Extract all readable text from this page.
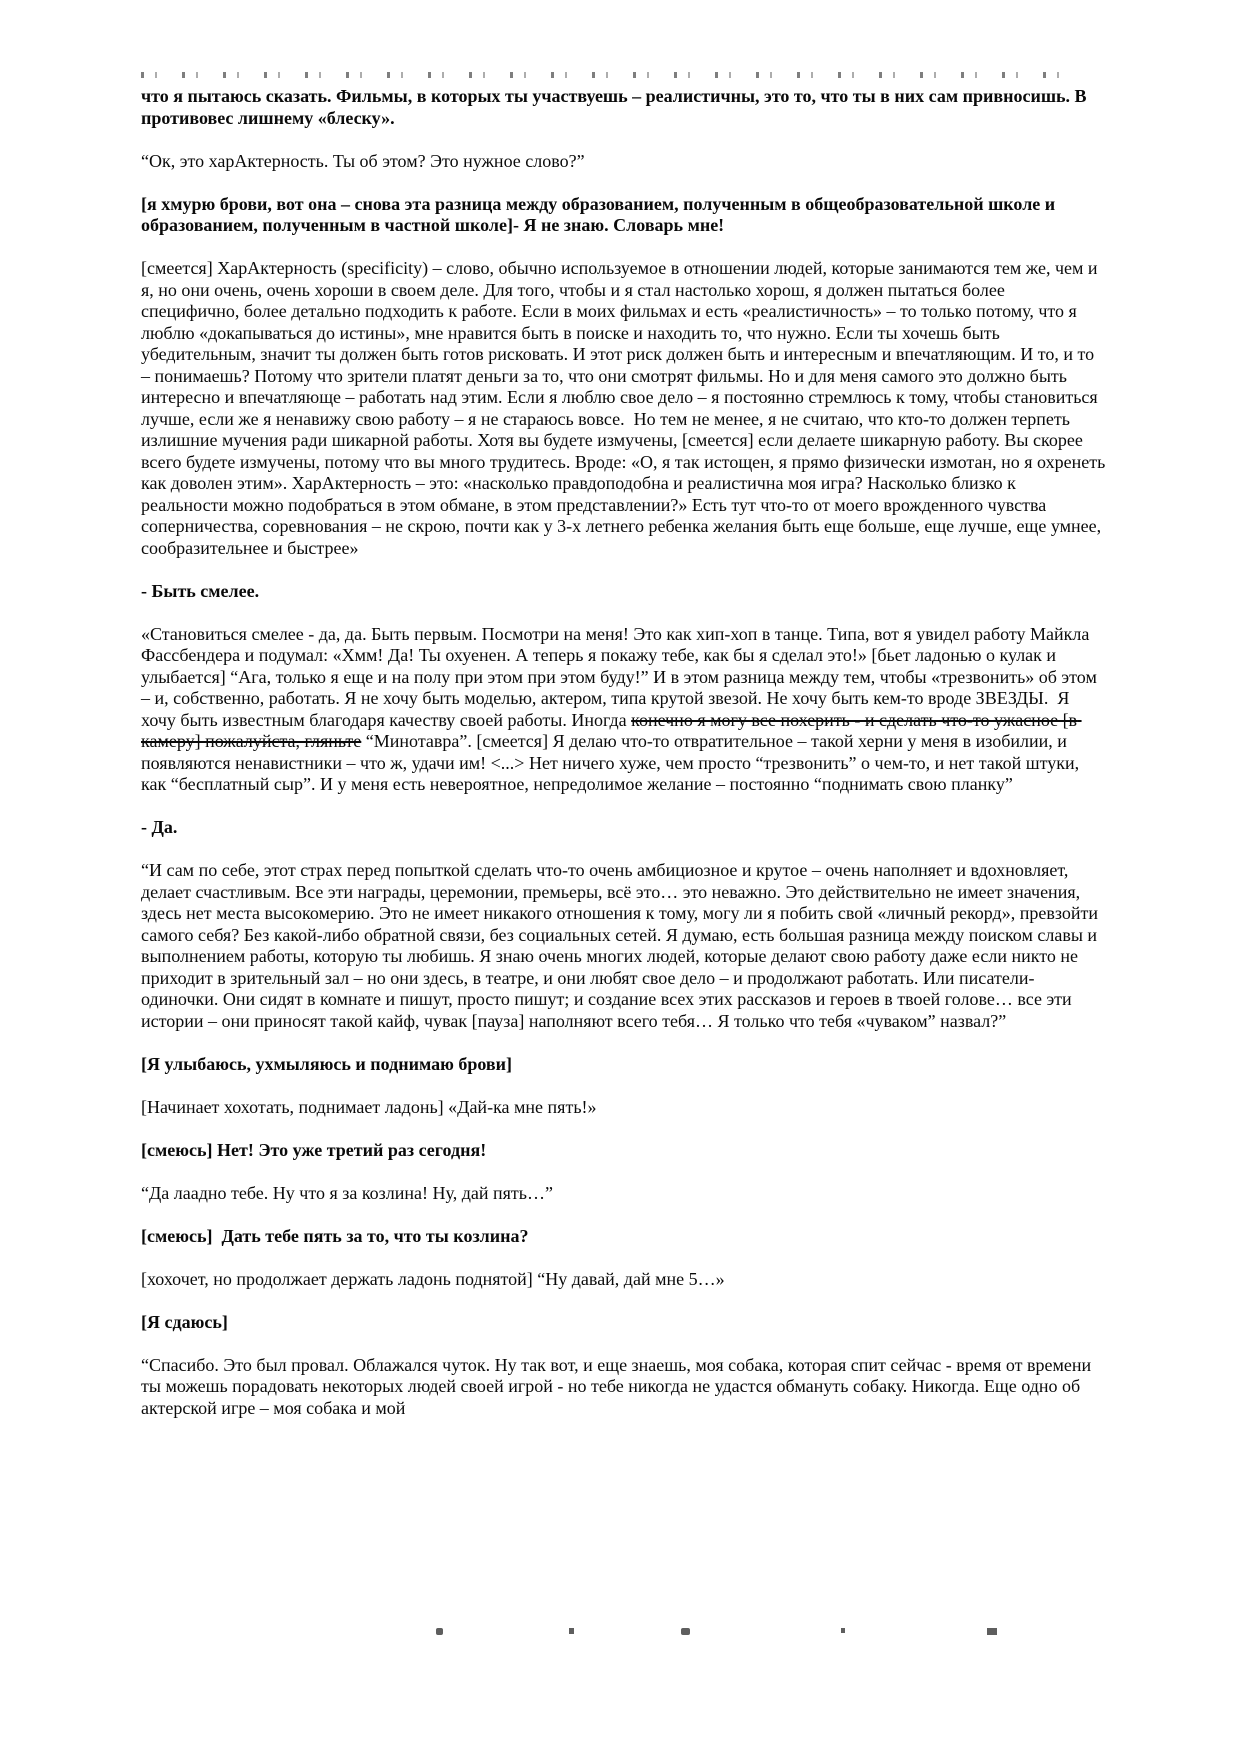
что я пытаюсь сказать. Фильмы, в которых ты участвуешь – реалистичны, это то, что ты в них сам привносишь. В противовес лишнему «блеску».

“Ок, это харАктерность. Ты об этом? Это нужное слово?”

[я хмурю брови, вот она – снова эта разница между образованием, полученным в общеобразовательной школе и образованием, полученным в частной школе]- Я не знаю. Словарь мне!

[смеется] ХарАктерность (specificity) – слово, обычно используемое в отношении людей, которые занимаются тем же, чем и я, но они очень, очень хороши в своем деле. Для того, чтобы и я стал настолько хорош, я должен пытаться более специфично, более детально подходить к работе. Если в моих фильмах и есть «реалистичность» – то только потому, что я люблю «докапываться до истины», мне нравится быть в поиске и находить то, что нужно. Если ты хочешь быть убедительным, значит ты должен быть готов рисковать. И этот риск должен быть и интересным и впечатляющим. И то, и то – понимаешь? Потому что зрители платят деньги за то, что они смотрят фильмы. Но и для меня самого это должно быть интересно и впечатляюще – работать над этим. Если я люблю свое дело – я постоянно стремлюсь к тому, чтобы становиться лучше, если же я ненавижу свою работу – я не стараюсь вовсе.  Но тем не менее, я не считаю, что кто-то должен терпеть излишние мучения ради шикарной работы. Хотя вы будете измучены, [смеется] если делаете шикарную работу. Вы скорее всего будете измучены, потому что вы много трудитесь. Вроде: «О, я так истощен, я прямо физически измотан, но я охренеть как доволен этим». ХарАктерность – это: «насколько правдоподобна и реалистична моя игра? Насколько близко к реальности можно подобраться в этом обмане, в этом представлении?» Есть тут что-то от моего врожденного чувства соперничества, соревнования – не скрою, почти как у 3-х летнего ребенка желания быть еще больше, еще лучше, еще умнее, сообразительнее и быстрее»

- Быть смелее.

«Становиться смелее - да, да. Быть первым. Посмотри на меня! Это как хип-хоп в танце. Типа, вот я увидел работу Майкла Фассбендера и подумал: «Хмм! Да! Ты охуенен. А теперь я покажу тебе, как бы я сделал это!» [бьет ладонью о кулак и улыбается] “Ага, только я еще и на полу при этом при этом буду!” И в этом разница между тем, чтобы «трезвонить» об этом – и, собственно, работать. Я не хочу быть моделью, актером, типа крутой звезой. Не хочу быть кем-то вроде ЗВЕЗДЫ.  Я хочу быть известным благодаря качеству своей работы. Иногда конечно я могу все похерить - и сделать что-то ужасное [в камеру] пожалуйста, гляньте “Минотавра”. [смеется] Я делаю что-то отвратительное – такой херни у меня в изобилии, и появляются ненавистники – что ж, удачи им! <...> Нет ничего хуже, чем просто “трезвонить” о чем-то, и нет такой штуки, как “бесплатный сыр”. И у меня есть невероятное, непредолимое желание – постоянно “поднимать свою планку”

- Да.

“И сам по себе, этот страх перед попыткой сделать что-то очень амбициозное и крутое – очень наполняет и вдохновляет, делает счастливым. Все эти награды, церемонии, премьеры, всё это… это неважно. Это действительно не имеет значения, здесь нет места высокомерию. Это не имеет никакого отношения к тому, могу ли я побить свой «личный рекорд», превзойти самого себя? Без какой-либо обратной связи, без социальных сетей. Я думаю, есть большая разница между поиском славы и выполнением работы, которую ты любишь. Я знаю очень многих людей, которые делают свою работу даже если никто не приходит в зрительный зал – но они здесь, в театре, и они любят свое дело – и продолжают работать. Или писатели-одиночки. Они сидят в комнате и пишут, просто пишут; и создание всех этих рассказов и героев в твоей голове… все эти истории – они приносят такой кайф, чувак [пауза] наполняют всего тебя… Я только что тебя «чуваком” назвал?”

[Я улыбаюсь, ухмыляюсь и поднимаю брови]

[Начинает хохотать, поднимает ладонь] «Дай-ка мне пять!»

[смеюсь] Нет! Это уже третий раз сегодня!

“Да лаадно тебе. Ну что я за козлина! Ну, дай пять…”

[смеюсь]  Дать тебе пять за то, что ты козлина?

[хохочет, но продолжает держать ладонь поднятой] “Ну давай, дай мне 5…»

[Я сдаюсь]

“Спасибо. Это был провал. Облажался чуток. Ну так вот, и еще знаешь, моя собака, которая спит сейчас - время от времени ты можешь порадовать некоторых людей своей игрой - но тебе никогда не удастся обмануть собаку. Никогда. Еще одно об актерской игре – моя собака и мой
